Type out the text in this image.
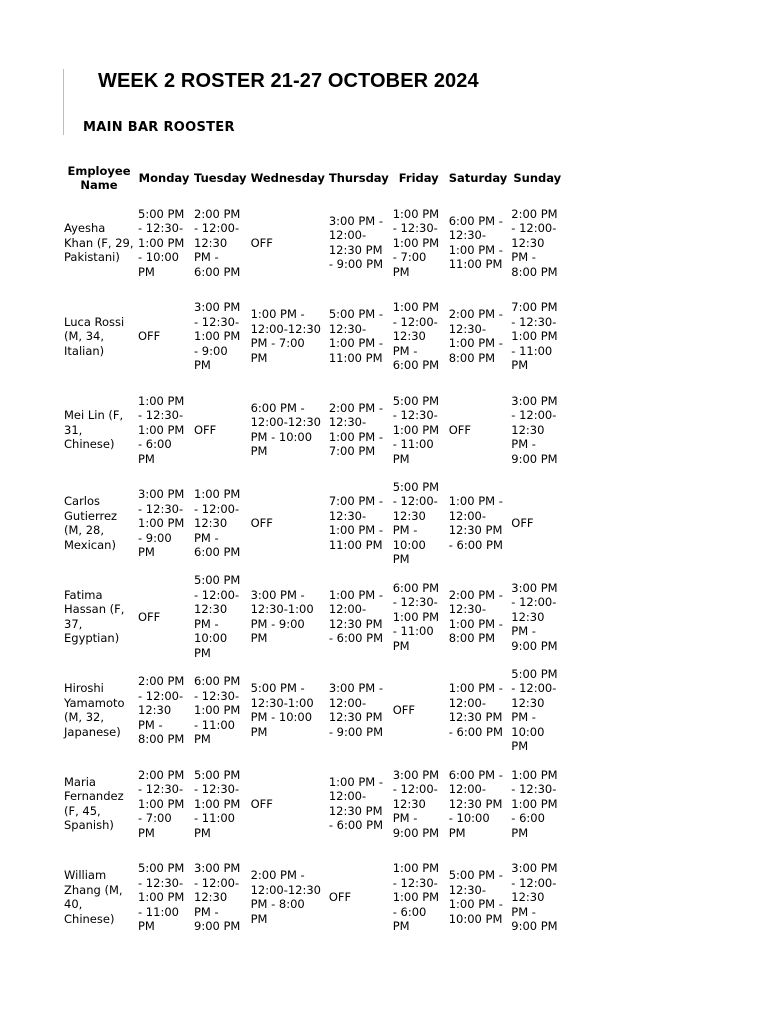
WEEK 2 ROSTER 21-27 OCTOBER 2024
MAIN BAR ROOSTER
Employee Name	Monday	Tuesday	Wednesday	Thursday	Friday	Saturday	Sunday
Ayesha Khan (F, 29, Pakistani)	5:00 PM - 12:30-1:00 PM - 10:00 PM	2:00 PM - 12:00-12:30 PM - 6:00 PM	OFF	3:00 PM - 12:00-12:30 PM - 9:00 PM	1:00 PM - 12:30-1:00 PM - 7:00 PM	6:00 PM - 12:30-1:00 PM - 11:00 PM	2:00 PM - 12:00-12:30 PM - 8:00 PM
Luca Rossi (M, 34, Italian)	OFF	3:00 PM - 12:30-1:00 PM - 9:00 PM	1:00 PM - 12:00-12:30 PM - 7:00 PM	5:00 PM - 12:30-1:00 PM - 11:00 PM	1:00 PM - 12:00-12:30 PM - 6:00 PM	2:00 PM - 12:30-1:00 PM - 8:00 PM	7:00 PM - 12:30-1:00 PM - 11:00 PM
Mei Lin (F, 31, Chinese)	1:00 PM - 12:30-1:00 PM - 6:00 PM	OFF	6:00 PM - 12:00-12:30 PM - 10:00 PM	2:00 PM - 12:30-1:00 PM - 7:00 PM	5:00 PM - 12:30-1:00 PM - 11:00 PM	OFF	3:00 PM - 12:00-12:30 PM - 9:00 PM
Carlos Gutierrez (M, 28, Mexican)	3:00 PM - 12:30-1:00 PM - 9:00 PM	1:00 PM - 12:00-12:30 PM - 6:00 PM	OFF	7:00 PM - 12:30-1:00 PM - 11:00 PM	5:00 PM - 12:00-12:30 PM - 10:00 PM	1:00 PM - 12:00-12:30 PM - 6:00 PM	OFF
Fatima Hassan (F, 37, Egyptian)	OFF	5:00 PM - 12:00-12:30 PM - 10:00 PM	3:00 PM - 12:30-1:00 PM - 9:00 PM	1:00 PM - 12:00-12:30 PM - 6:00 PM	6:00 PM - 12:30-1:00 PM - 11:00 PM	2:00 PM - 12:30-1:00 PM - 8:00 PM	3:00 PM - 12:00-12:30 PM - 9:00 PM
Hiroshi Yamamoto (M, 32, Japanese)	2:00 PM - 12:00-12:30 PM - 8:00 PM	6:00 PM - 12:30-1:00 PM - 11:00 PM	5:00 PM - 12:30-1:00 PM - 10:00 PM	3:00 PM - 12:00-12:30 PM - 9:00 PM	OFF	1:00 PM - 12:00-12:30 PM - 6:00 PM	5:00 PM - 12:00-12:30 PM - 10:00 PM
Maria Fernandez (F, 45, Spanish)	2:00 PM - 12:30-1:00 PM - 7:00 PM	5:00 PM - 12:30-1:00 PM - 11:00 PM	OFF	1:00 PM - 12:00-12:30 PM - 6:00 PM	3:00 PM - 12:00-12:30 PM - 9:00 PM	6:00 PM - 12:00-12:30 PM - 10:00 PM	1:00 PM - 12:30-1:00 PM - 6:00 PM
William Zhang (M, 40, Chinese)	5:00 PM - 12:30-1:00 PM - 11:00 PM	3:00 PM - 12:00-12:30 PM - 9:00 PM	2:00 PM - 12:00-12:30 PM - 8:00 PM	OFF	1:00 PM - 12:30-1:00 PM - 6:00 PM	5:00 PM - 12:30-1:00 PM - 10:00 PM	3:00 PM - 12:00-12:30 PM - 9:00 PM
